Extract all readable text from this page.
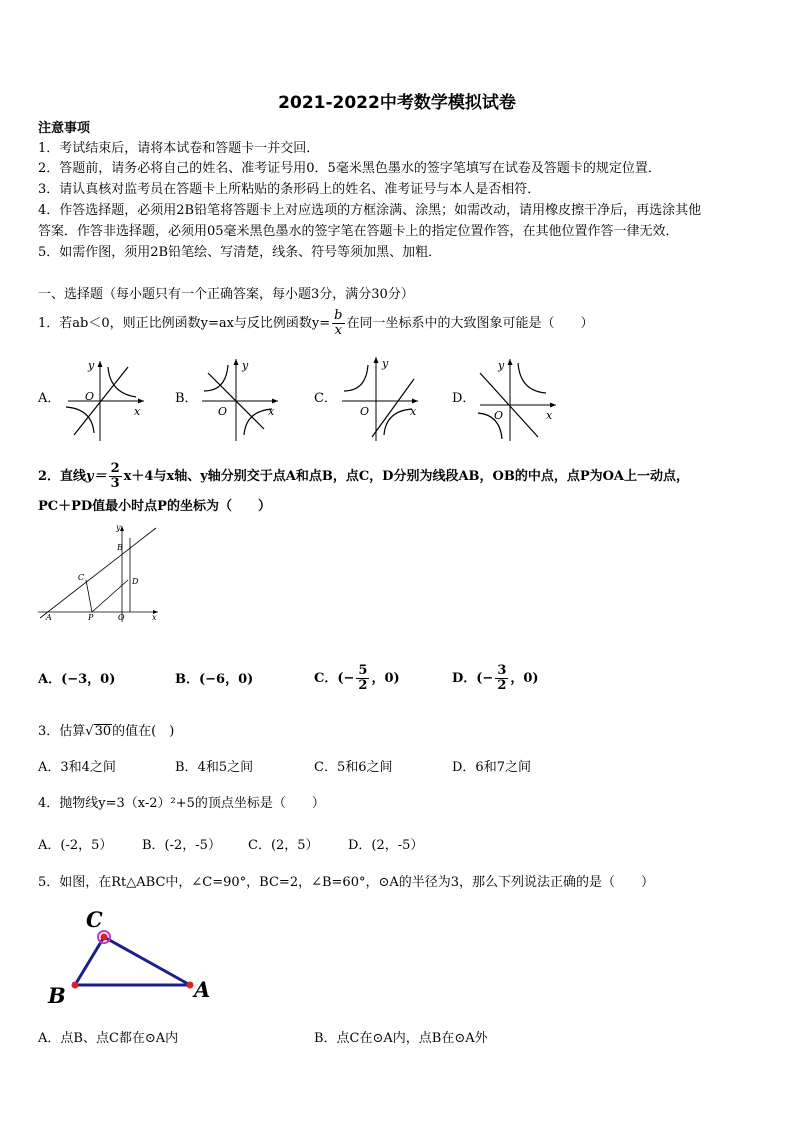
2021-2022中考数学模拟试卷
注意事项
1．考试结束后，请将本试卷和答题卡一并交回．
2．答题前，请务必将自己的姓名、准考证号用0．5毫米黑色墨水的签字笔填写在试卷及答题卡的规定位置．
3．请认真核对监考员在答题卡上所粘贴的条形码上的姓名、准考证号与本人是否相符．
4．作答选择题，必须用2B铅笔将答题卡上对应选项的方框涂满、涂黑；如需改动，请用橡皮擦干净后，再选涂其他
答案．作答非选择题，必须用05毫米黑色墨水的签字笔在答题卡上的指定位置作答，在其他位置作答一律无效．
5．如需作图，须用2B铅笔绘、写清楚，线条、符号等须加黑、加粗．
一、选择题（每小题只有一个正确答案，每小题3分，满分30分）
1．若ab＜0，则正比例函数y=ax与反比例函数$y= \frac{b}{x}$ 在同一坐标系中的大致图象可能是（　　）
A． O
x
y
B．
O	x
y
C．
O	x
y
D．
O	x
y
2．直线$y= \frac{2}{3} x+4$与x轴、y轴分别交于点A和点B，点C，D分别为线段AB，OB的中点，点P为OA上一动点，
PC＋PD值最小时点P的坐标为（　　）
y
B
C	D
A	P	O	x
A．(−3，0)	B．(−6，0)	C．(− $\frac{5}{2}$ ，0)	D．(− $\frac{3}{2}$ ，0)
3．估算√30的值在(　)
A．3和4之间	B．4和5之间	C．5和6之间	D．6和7之间
4．抛物线y=3（x-2）²+5的顶点坐标是（　　）
A．(-2，5） B．(-2，-5） C．(2，5） D．(2，-5）
5．如图，在Rt△ABC中，∠C=90°，BC=2，∠B=60°，⊙A的半径为3，那么下列说法正确的是（　　）
C
B	A
A．点B、点C都在⊙A内	B．点C在⊙A内，点B在⊙A外
